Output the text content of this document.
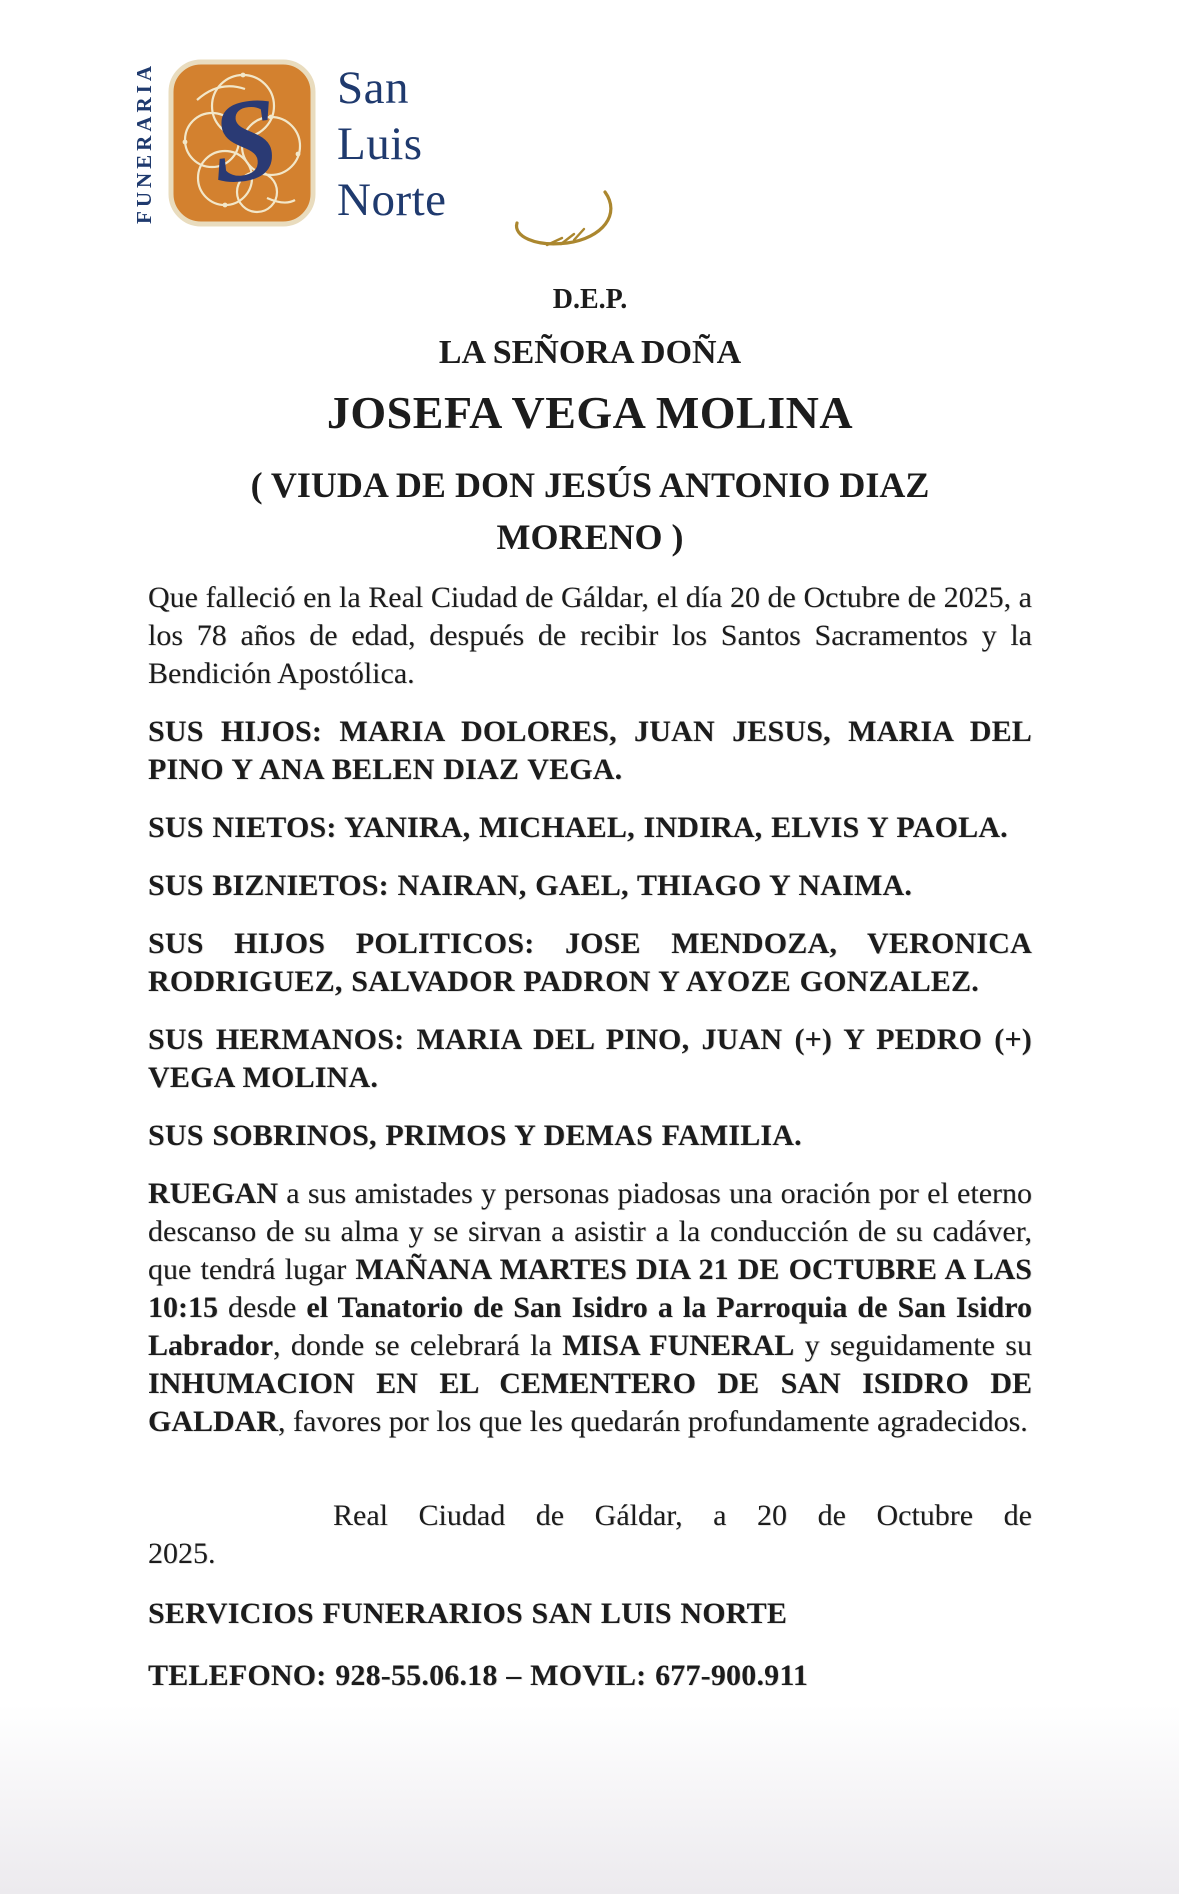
FUNERARIA S San
Luis
Norte

D.E.P.

LA SEÑORA DOÑA

JOSEFA VEGA MOLINA

( VIUDA DE DON JESÚS ANTONIO DIAZ MORENO )

Que falleció en la Real Ciudad de Gáldar, el día 20 de Octubre de 2025, a los 78 años de edad, después de recibir los Santos Sacramentos y la Bendición Apostólica.

SUS HIJOS: MARIA DOLORES, JUAN JESUS, MARIA DEL PINO Y ANA BELEN DIAZ VEGA.

SUS NIETOS: YANIRA, MICHAEL, INDIRA, ELVIS Y PAOLA.

SUS BIZNIETOS: NAIRAN, GAEL, THIAGO Y NAIMA.

SUS HIJOS POLITICOS: JOSE MENDOZA, VERONICA RODRIGUEZ, SALVADOR PADRON Y AYOZE GONZALEZ.

SUS HERMANOS: MARIA DEL PINO, JUAN (+) Y PEDRO (+) VEGA MOLINA.

SUS SOBRINOS, PRIMOS Y DEMAS FAMILIA.

RUEGAN a sus amistades y personas piadosas una oración por el eterno descanso de su alma y se sirvan a asistir a la conducción de su cadáver, que tendrá lugar MAÑANA MARTES DIA 21 DE OCTUBRE A LAS 10:15 desde el Tanatorio de San Isidro a la Parroquia de San Isidro Labrador, donde se celebrará la MISA FUNERAL y seguidamente su INHUMACION EN EL CEMENTERO DE SAN ISIDRO DE GALDAR, favores por los que les quedarán profundamente agradecidos.

Real Ciudad de Gáldar, a 20 de Octubre de
2025.

SERVICIOS FUNERARIOS SAN LUIS NORTE

TELEFONO: 928-55.06.18 – MOVIL: 677-900.911
